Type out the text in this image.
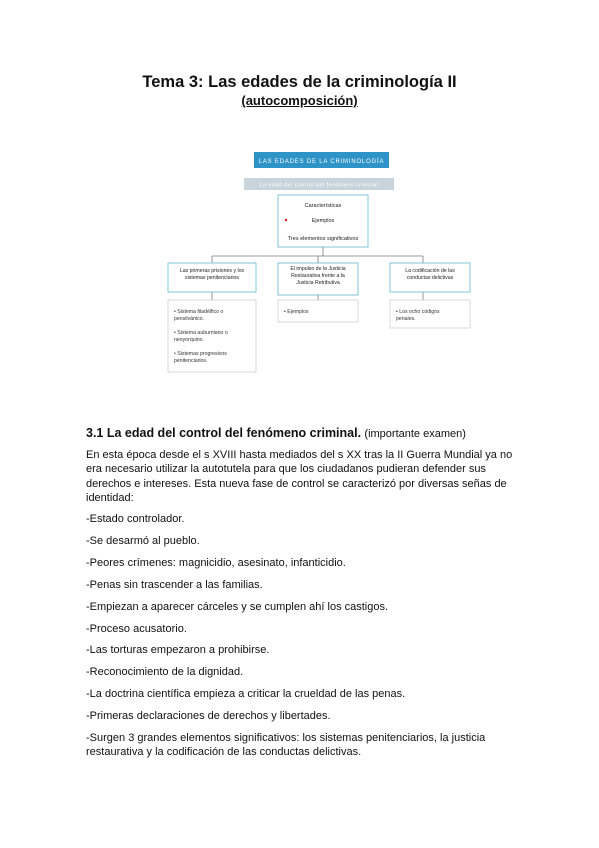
Tema 3: Las edades de la criminología II
(autocomposición)
LAS EDADES DE LA CRIMINOLOGÍA
La edad del control del fenómeno criminal
Características
Ejemplos
Tres elementos significativos
Las primeras prisiones y los
sistemas penitenciarios
El impulso de la Justicia
Restaurativa frente a la
Justicia Retributiva
La codificación de las
conductas delictivas
• Sistema filadélfico o
pensilvánico.
• Sistema auburniano o
neoyorquino.
• Sistemas progresivos
penitenciarios.
• Ejemplos	• Los ocho códigos
penales.
3.1 La edad del control del fenómeno criminal. (importante examen)
En esta época desde el s XVIII hasta mediados del s XX tras la II Guerra Mundial ya no era necesario utilizar la autotutela para que los ciudadanos pudieran defender sus derechos e intereses. Esta nueva fase de control se caracterizó por diversas señas de identidad:
-Estado controlador.
-Se desarmó al pueblo.
-Peores crímenes: magnicidio, asesinato, infanticidio.
-Penas sin trascender a las familias.
-Empiezan a aparecer cárceles y se cumplen ahí los castigos.
-Proceso acusatorio.
-Las torturas empezaron a prohibirse.
-Reconocimiento de la dignidad.
-La doctrina científica empieza a criticar la crueldad de las penas.
-Primeras declaraciones de derechos y libertades.
-Surgen 3 grandes elementos significativos: los sistemas penitenciarios, la justicia restaurativa y la codificación de las conductas delictivas.
